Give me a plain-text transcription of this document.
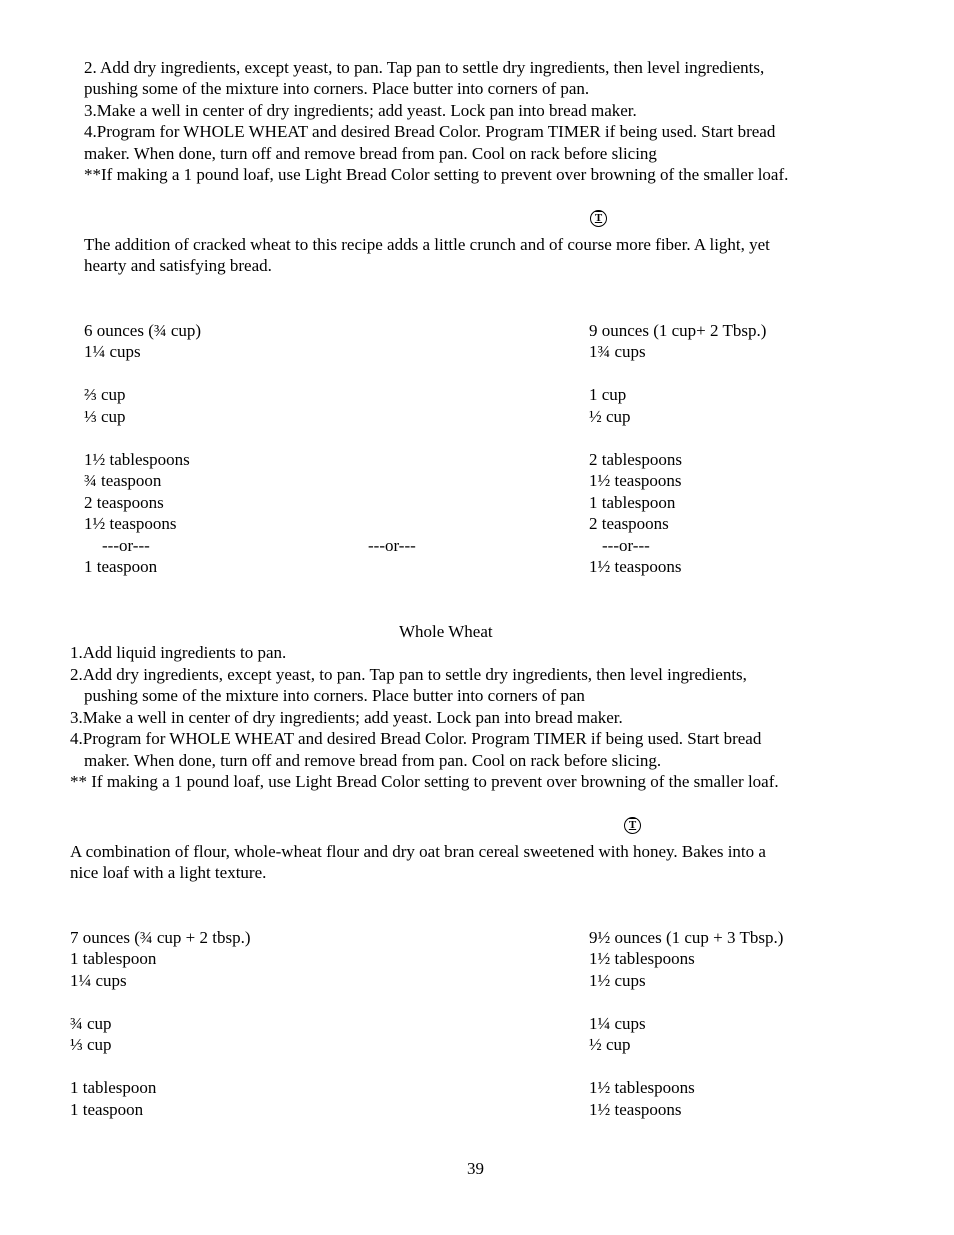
2. Add dry ingredients, except yeast, to pan. Tap pan to settle dry ingredients, then level ingredients,
pushing some of the mixture into corners. Place butter into corners of pan.
3.Make a well in center of dry ingredients; add yeast. Lock pan into bread maker.
4.Program for WHOLE WHEAT and desired Bread Color. Program TIMER if being used. Start bread
maker. When done, turn off and remove bread from pan. Cool on rack before slicing
**If making a 1 pound loaf, use Light Bread Color setting to prevent over browning of the smaller loaf.
T
The addition of cracked wheat to this recipe adds a little crunch and of course more fiber. A light, yet
hearty and satisfying bread.
6 ounces (¾ cup)
1¼ cups
⅔ cup
⅓ cup
1½ tablespoons
¾ teaspoon
2 teaspoons
1½ teaspoons
---or---
1 teaspoon
---or---
9 ounces (1 cup+ 2 Tbsp.)
1¾ cups
1 cup
½ cup
2 tablespoons
1½ teaspoons
1 tablespoon
2 teaspoons
---or---
1½ teaspoons
Whole Wheat
1.Add liquid ingredients to pan.
2.Add dry ingredients, except yeast, to pan. Tap pan to settle dry ingredients, then level ingredients,
pushing some of the mixture into corners. Place butter into corners of pan
3.Make a well in center of dry ingredients; add yeast. Lock pan into bread maker.
4.Program for WHOLE WHEAT and desired Bread Color. Program TIMER if being used. Start bread
maker. When done, turn off and remove bread from pan. Cool on rack before slicing.
** If making a 1 pound loaf, use Light Bread Color setting to prevent over browning of the smaller loaf.
T
A combination of flour, whole-wheat flour and dry oat bran cereal sweetened with honey. Bakes into a
nice loaf with a light texture.
7 ounces (¾ cup + 2 tbsp.)
1 tablespoon
1¼ cups
¾ cup
⅓ cup
1 tablespoon
1 teaspoon
9½ ounces (1 cup + 3 Tbsp.)
1½ tablespoons
1½ cups
1¼ cups
½ cup
1½ tablespoons
1½ teaspoons
39
